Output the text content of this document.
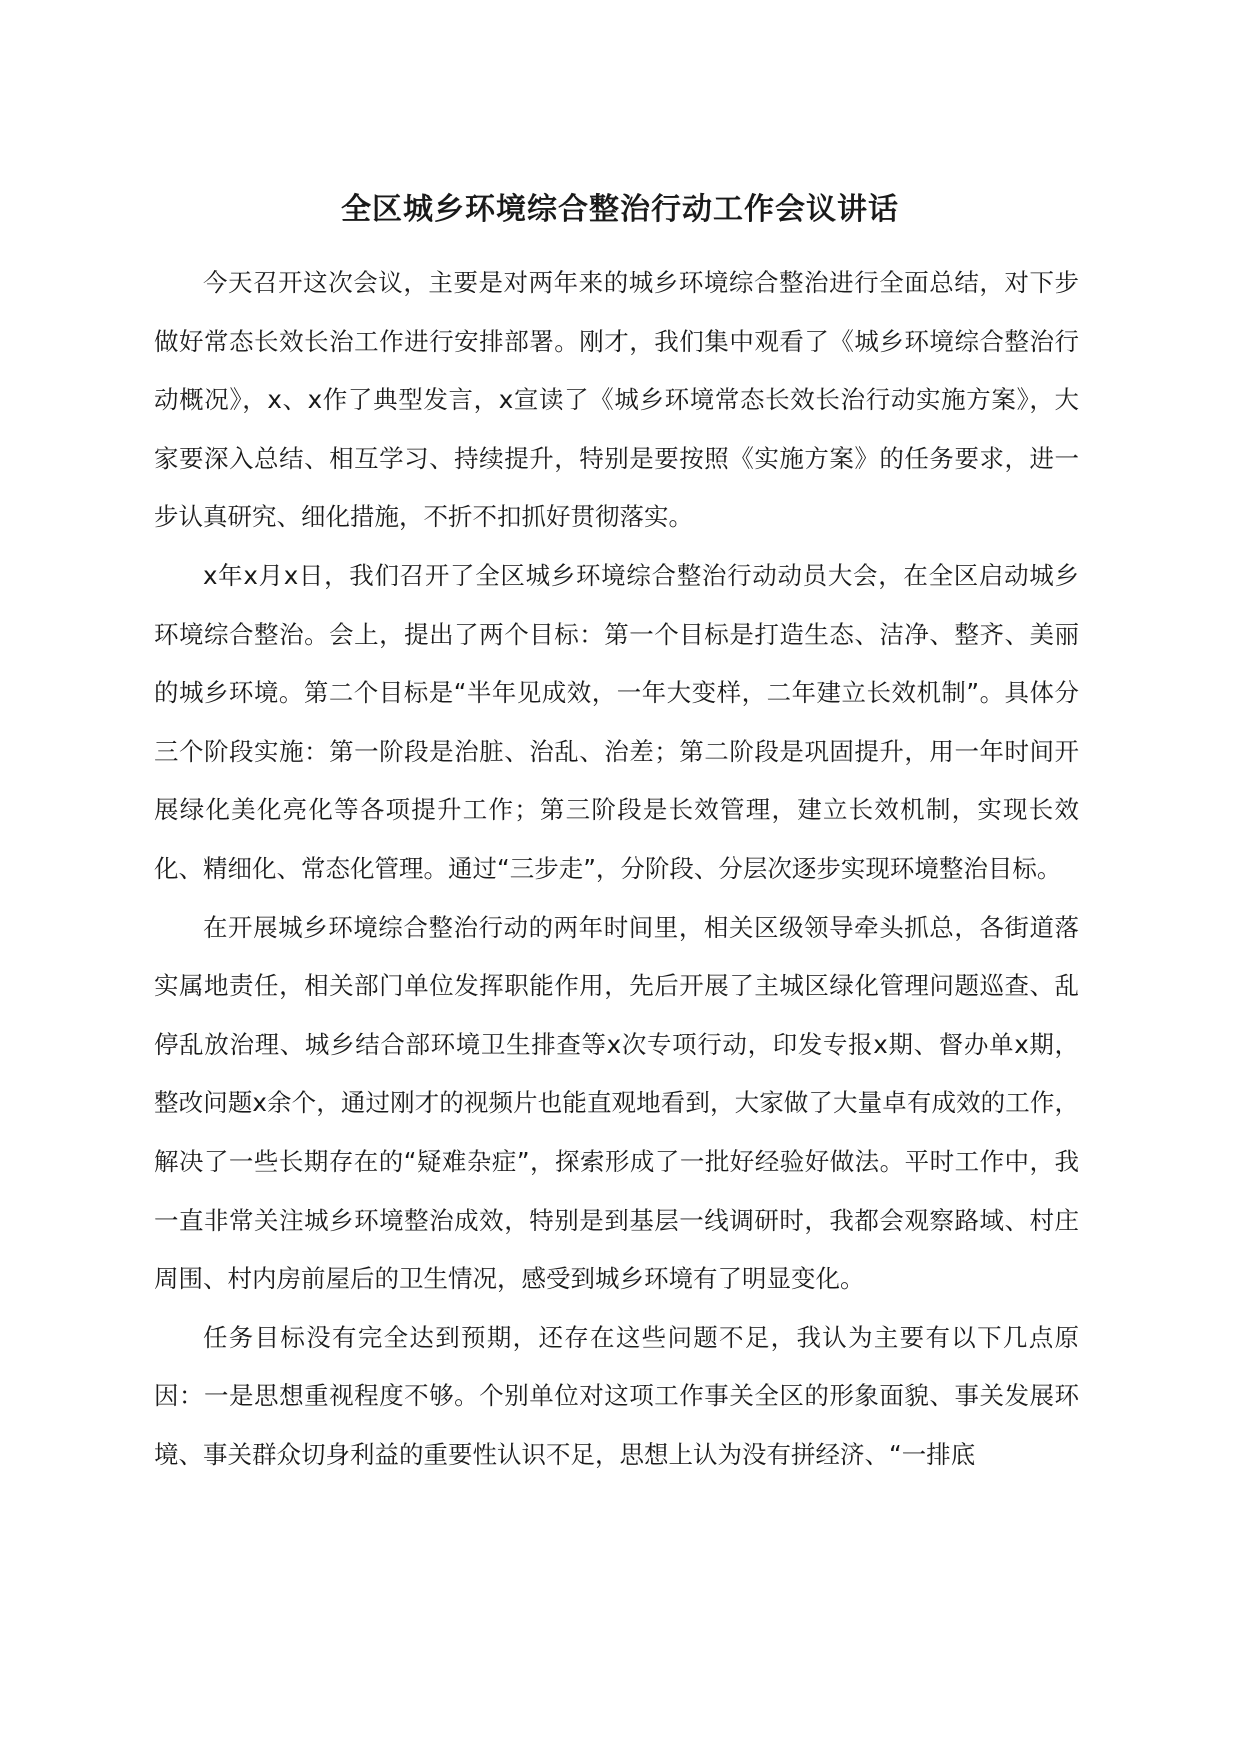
全区城乡环境综合整治行动工作会议讲话

今天召开这次会议，主要是对两年来的城乡环境综合整治进行全面总结，对下步做好常态长效长治工作进行安排部署。刚才，我们集中观看了《城乡环境综合整治行动概况》，x、x作了典型发言，x宣读了《城乡环境常态长效长治行动实施方案》，大家要深入总结、相互学习、持续提升，特别是要按照《实施方案》的任务要求，进一步认真研究、细化措施，不折不扣抓好贯彻落实。

x年x月x日，我们召开了全区城乡环境综合整治行动动员大会，在全区启动城乡环境综合整治。会上，提出了两个目标：第一个目标是打造生态、洁净、整齐、美丽的城乡环境。第二个目标是“半年见成效，一年大变样，二年建立长效机制”。具体分三个阶段实施：第一阶段是治脏、治乱、治差；第二阶段是巩固提升，用一年时间开展绿化美化亮化等各项提升工作；第三阶段是长效管理，建立长效机制，实现长效化、精细化、常态化管理。通过“三步走”，分阶段、分层次逐步实现环境整治目标。

在开展城乡环境综合整治行动的两年时间里，相关区级领导牵头抓总，各街道落实属地责任，相关部门单位发挥职能作用，先后开展了主城区绿化管理问题巡查、乱停乱放治理、城乡结合部环境卫生排查等x次专项行动，印发专报x期、督办单x期，整改问题x余个，通过刚才的视频片也能直观地看到，大家做了大量卓有成效的工作，解决了一些长期存在的“疑难杂症”，探索形成了一批好经验好做法。平时工作中，我一直非常关注城乡环境整治成效，特别是到基层一线调研时，我都会观察路域、村庄周围、村内房前屋后的卫生情况，感受到城乡环境有了明显变化。

任务目标没有完全达到预期，还存在这些问题不足，我认为主要有以下几点原因：一是思想重视程度不够。个别单位对这项工作事关全区的形象面貌、事关发展环境、事关群众切身利益的重要性认识不足，思想上认为没有拼经济、“一排底
